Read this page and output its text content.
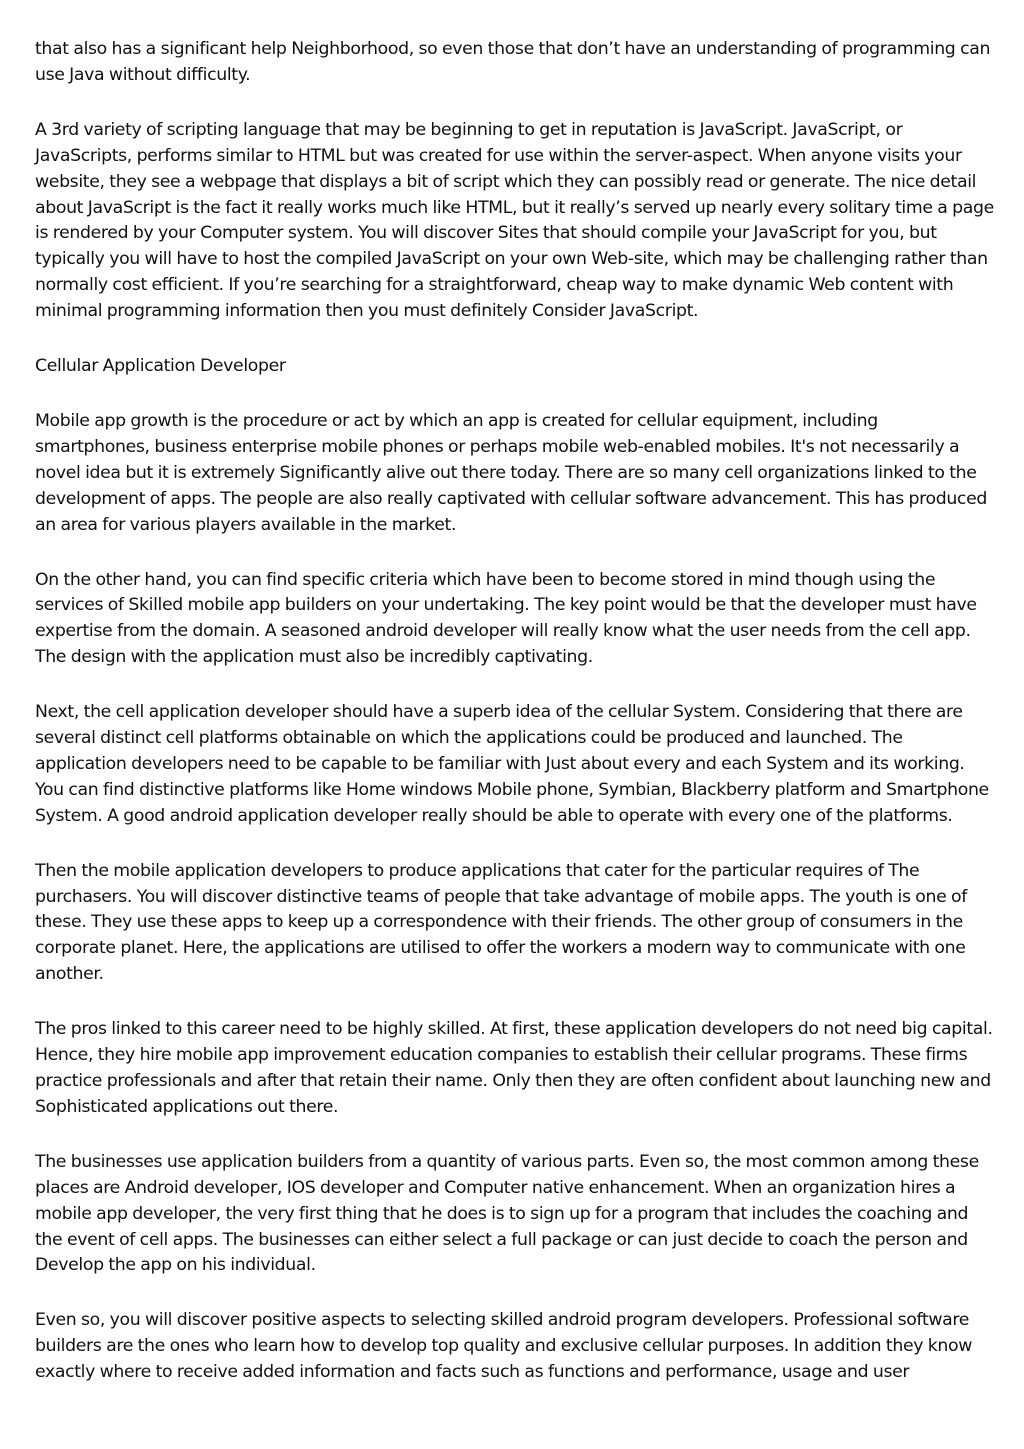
that also has a significant help Neighborhood, so even those that don’t have an understanding of programming can use Java without difficulty.

A 3rd variety of scripting language that may be beginning to get in reputation is JavaScript. JavaScript, or JavaScripts, performs similar to HTML but was created for use within the server-aspect. When anyone visits your website, they see a webpage that displays a bit of script which they can possibly read or generate. The nice detail about JavaScript is the fact it really works much like HTML, but it really’s served up nearly every solitary time a page is rendered by your Computer system. You will discover Sites that should compile your JavaScript for you, but typically you will have to host the compiled JavaScript on your own Web-site, which may be challenging rather than normally cost efficient. If you’re searching for a straightforward, cheap way to make dynamic Web content with minimal programming information then you must definitely Consider JavaScript.

Cellular Application Developer

Mobile app growth is the procedure or act by which an app is created for cellular equipment, including smartphones, business enterprise mobile phones or perhaps mobile web-enabled mobiles. It's not necessarily a novel idea but it is extremely Significantly alive out there today. There are so many cell organizations linked to the development of apps. The people are also really captivated with cellular software advancement. This has produced an area for various players available in the market.

On the other hand, you can find specific criteria which have been to become stored in mind though using the services of Skilled mobile app builders on your undertaking. The key point would be that the developer must have expertise from the domain. A seasoned android developer will really know what the user needs from the cell app. The design with the application must also be incredibly captivating.

Next, the cell application developer should have a superb idea of the cellular System. Considering that there are several distinct cell platforms obtainable on which the applications could be produced and launched. The application developers need to be capable to be familiar with Just about every and each System and its working. You can find distinctive platforms like Home windows Mobile phone, Symbian, Blackberry platform and Smartphone System. A good android application developer really should be able to operate with every one of the platforms.

Then the mobile application developers to produce applications that cater for the particular requires of The purchasers. You will discover distinctive teams of people that take advantage of mobile apps. The youth is one of these. They use these apps to keep up a correspondence with their friends. The other group of consumers in the corporate planet. Here, the applications are utilised to offer the workers a modern way to communicate with one another.

The pros linked to this career need to be highly skilled. At first, these application developers do not need big capital. Hence, they hire mobile app improvement education companies to establish their cellular programs. These firms practice professionals and after that retain their name. Only then they are often confident about launching new and Sophisticated applications out there.

The businesses use application builders from a quantity of various parts. Even so, the most common among these places are Android developer, IOS developer and Computer native enhancement. When an organization hires a mobile app developer, the very first thing that he does is to sign up for a program that includes the coaching and the event of cell apps. The businesses can either select a full package or can just decide to coach the person and Develop the app on his individual.

Even so, you will discover positive aspects to selecting skilled android program developers. Professional software builders are the ones who learn how to develop top quality and exclusive cellular purposes. In addition they know exactly where to receive added information and facts such as functions and performance, usage and user
